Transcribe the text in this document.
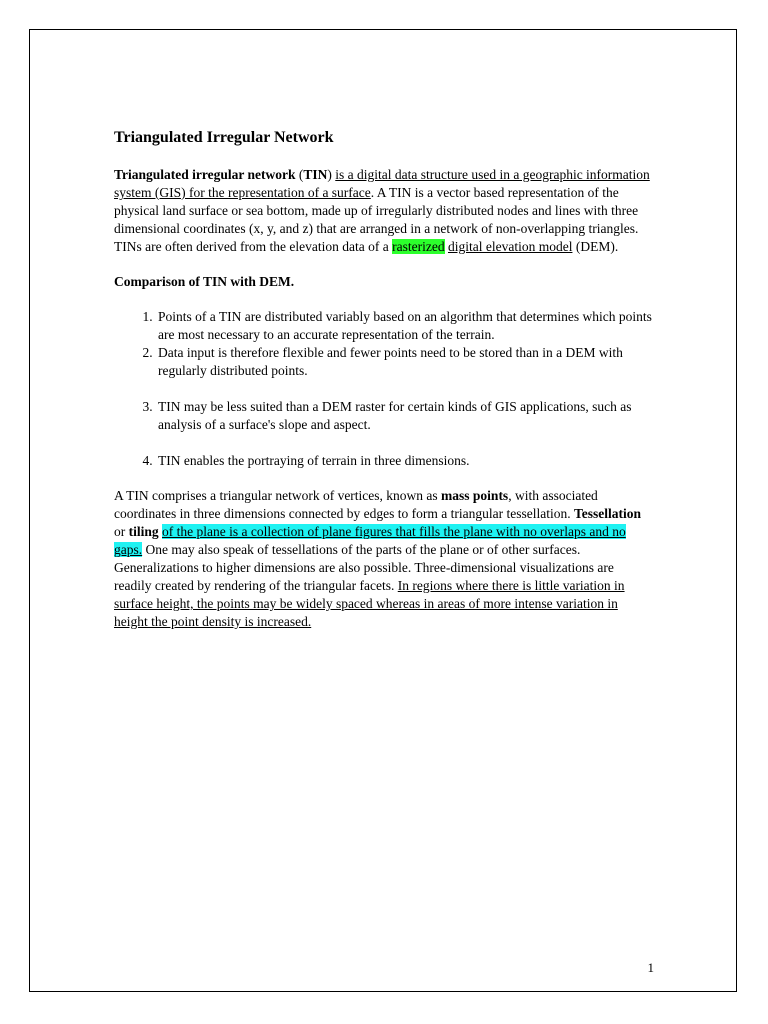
Triangulated Irregular Network

Triangulated irregular network (TIN) is a digital data structure used in a geographic information system (GIS) for the representation of a surface. A TIN is a vector based representation of the physical land surface or sea bottom, made up of irregularly distributed nodes and lines with three dimensional coordinates (x, y, and z) that are arranged in a network of non-overlapping triangles. TINs are often derived from the elevation data of a rasterized digital elevation model (DEM).

Comparison of TIN with DEM.
1. Points of a TIN are distributed variably based on an algorithm that determines which points are most necessary to an accurate representation of the terrain.
2. Data input is therefore flexible and fewer points need to be stored than in a DEM with regularly distributed points.
3. TIN may be less suited than a DEM raster for certain kinds of GIS applications, such as analysis of a surface's slope and aspect.
4. TIN enables the portraying of terrain in three dimensions.

A TIN comprises a triangular network of vertices, known as mass points, with associated coordinates in three dimensions connected by edges to form a triangular tessellation. Tessellation or tiling of the plane is a collection of plane figures that fills the plane with no overlaps and no gaps. One may also speak of tessellations of the parts of the plane or of other surfaces. Generalizations to higher dimensions are also possible. Three-dimensional visualizations are readily created by rendering of the triangular facets. In regions where there is little variation in surface height, the points may be widely spaced whereas in areas of more intense variation in height the point density is increased.

1
